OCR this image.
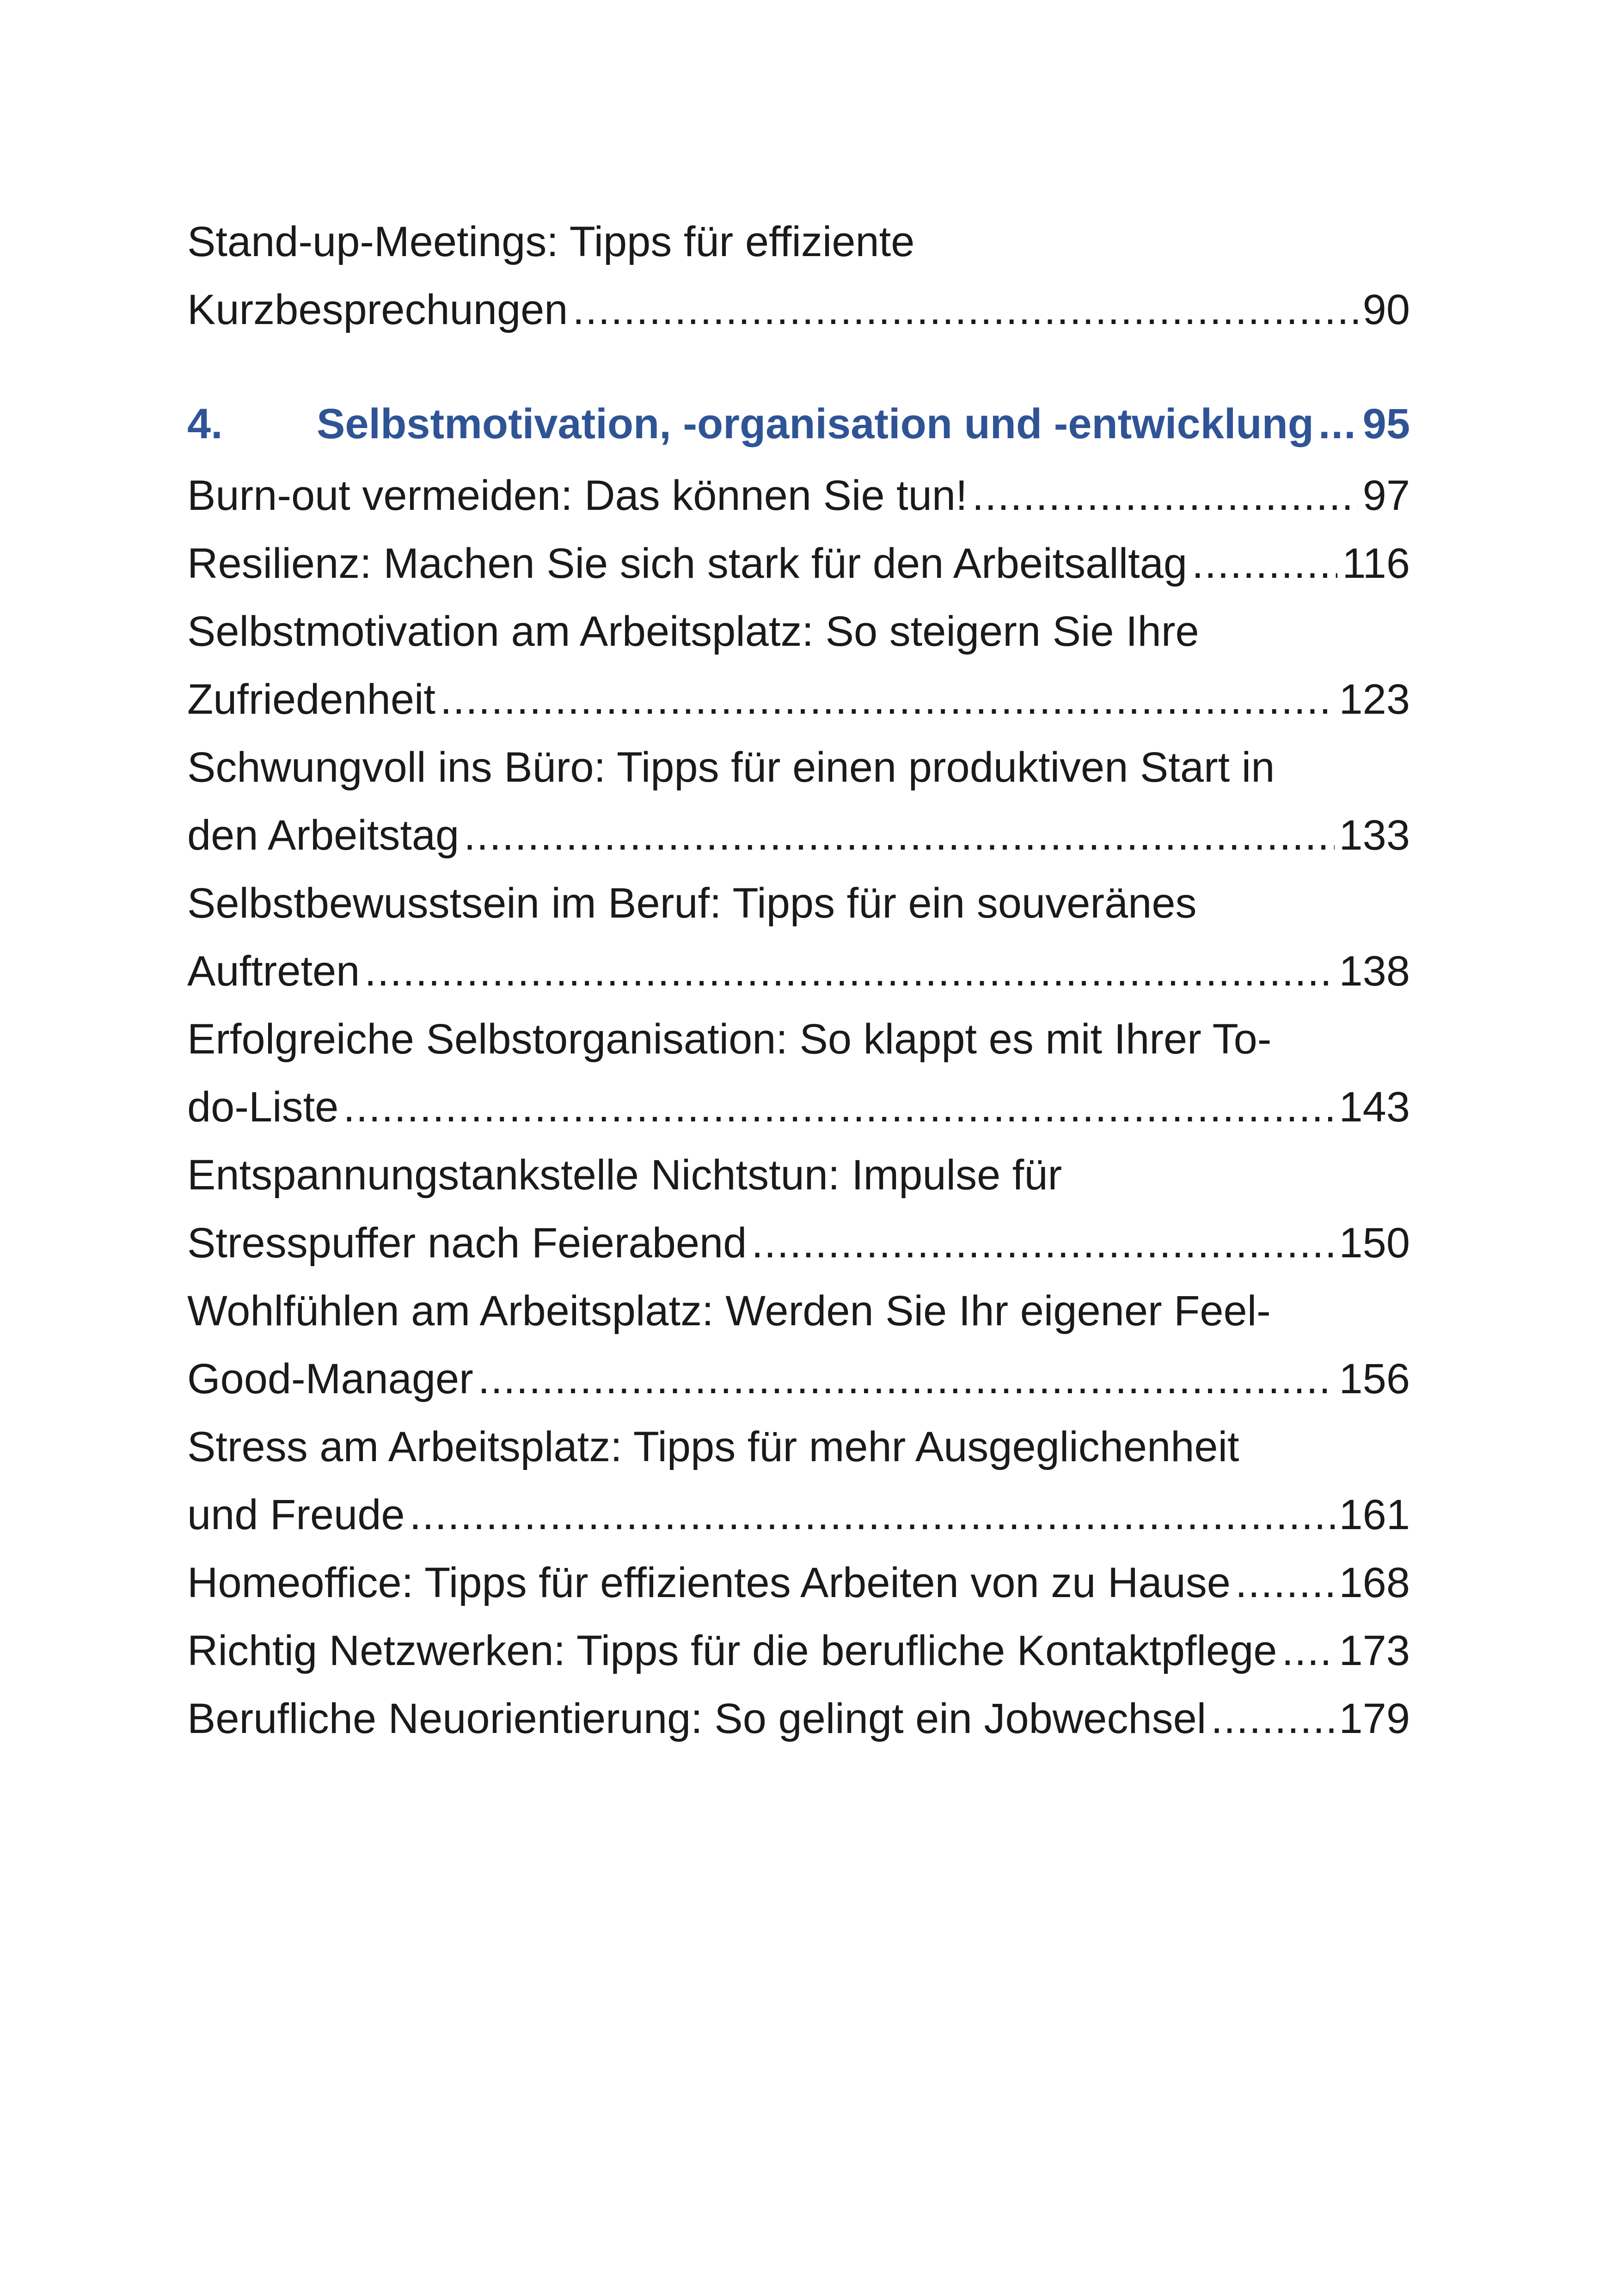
Stand-up-Meetings: Tipps für effiziente
Kurzbesprechungen .....	90
4.	Selbstmotivation, -organisation und -entwicklung ..... 95
Burn-out vermeiden: Das können Sie tun! .....	97
Resilienz: Machen Sie sich stark für den Arbeitsalltag .....	116
Selbstmotivation am Arbeitsplatz: So steigern Sie Ihre
Zufriedenheit .....	123
Schwungvoll ins Büro: Tipps für einen produktiven Start in
den Arbeitstag .....	133
Selbstbewusstsein im Beruf: Tipps für ein souveränes
Auftreten .....	138
Erfolgreiche Selbstorganisation: So klappt es mit Ihrer To-
do-Liste .....	143
Entspannungstankstelle Nichtstun: Impulse für
Stresspuffer nach Feierabend .....	150
Wohlfühlen am Arbeitsplatz: Werden Sie Ihr eigener Feel-
Good-Manager .....	156
Stress am Arbeitsplatz: Tipps für mehr Ausgeglichenheit
und Freude .....	161
Homeoffice: Tipps für effizientes Arbeiten von zu Hause .....	168
Richtig Netzwerken: Tipps für die berufliche Kontaktpflege ..... 173
Berufliche Neuorientierung: So gelingt ein Jobwechsel .....	179
